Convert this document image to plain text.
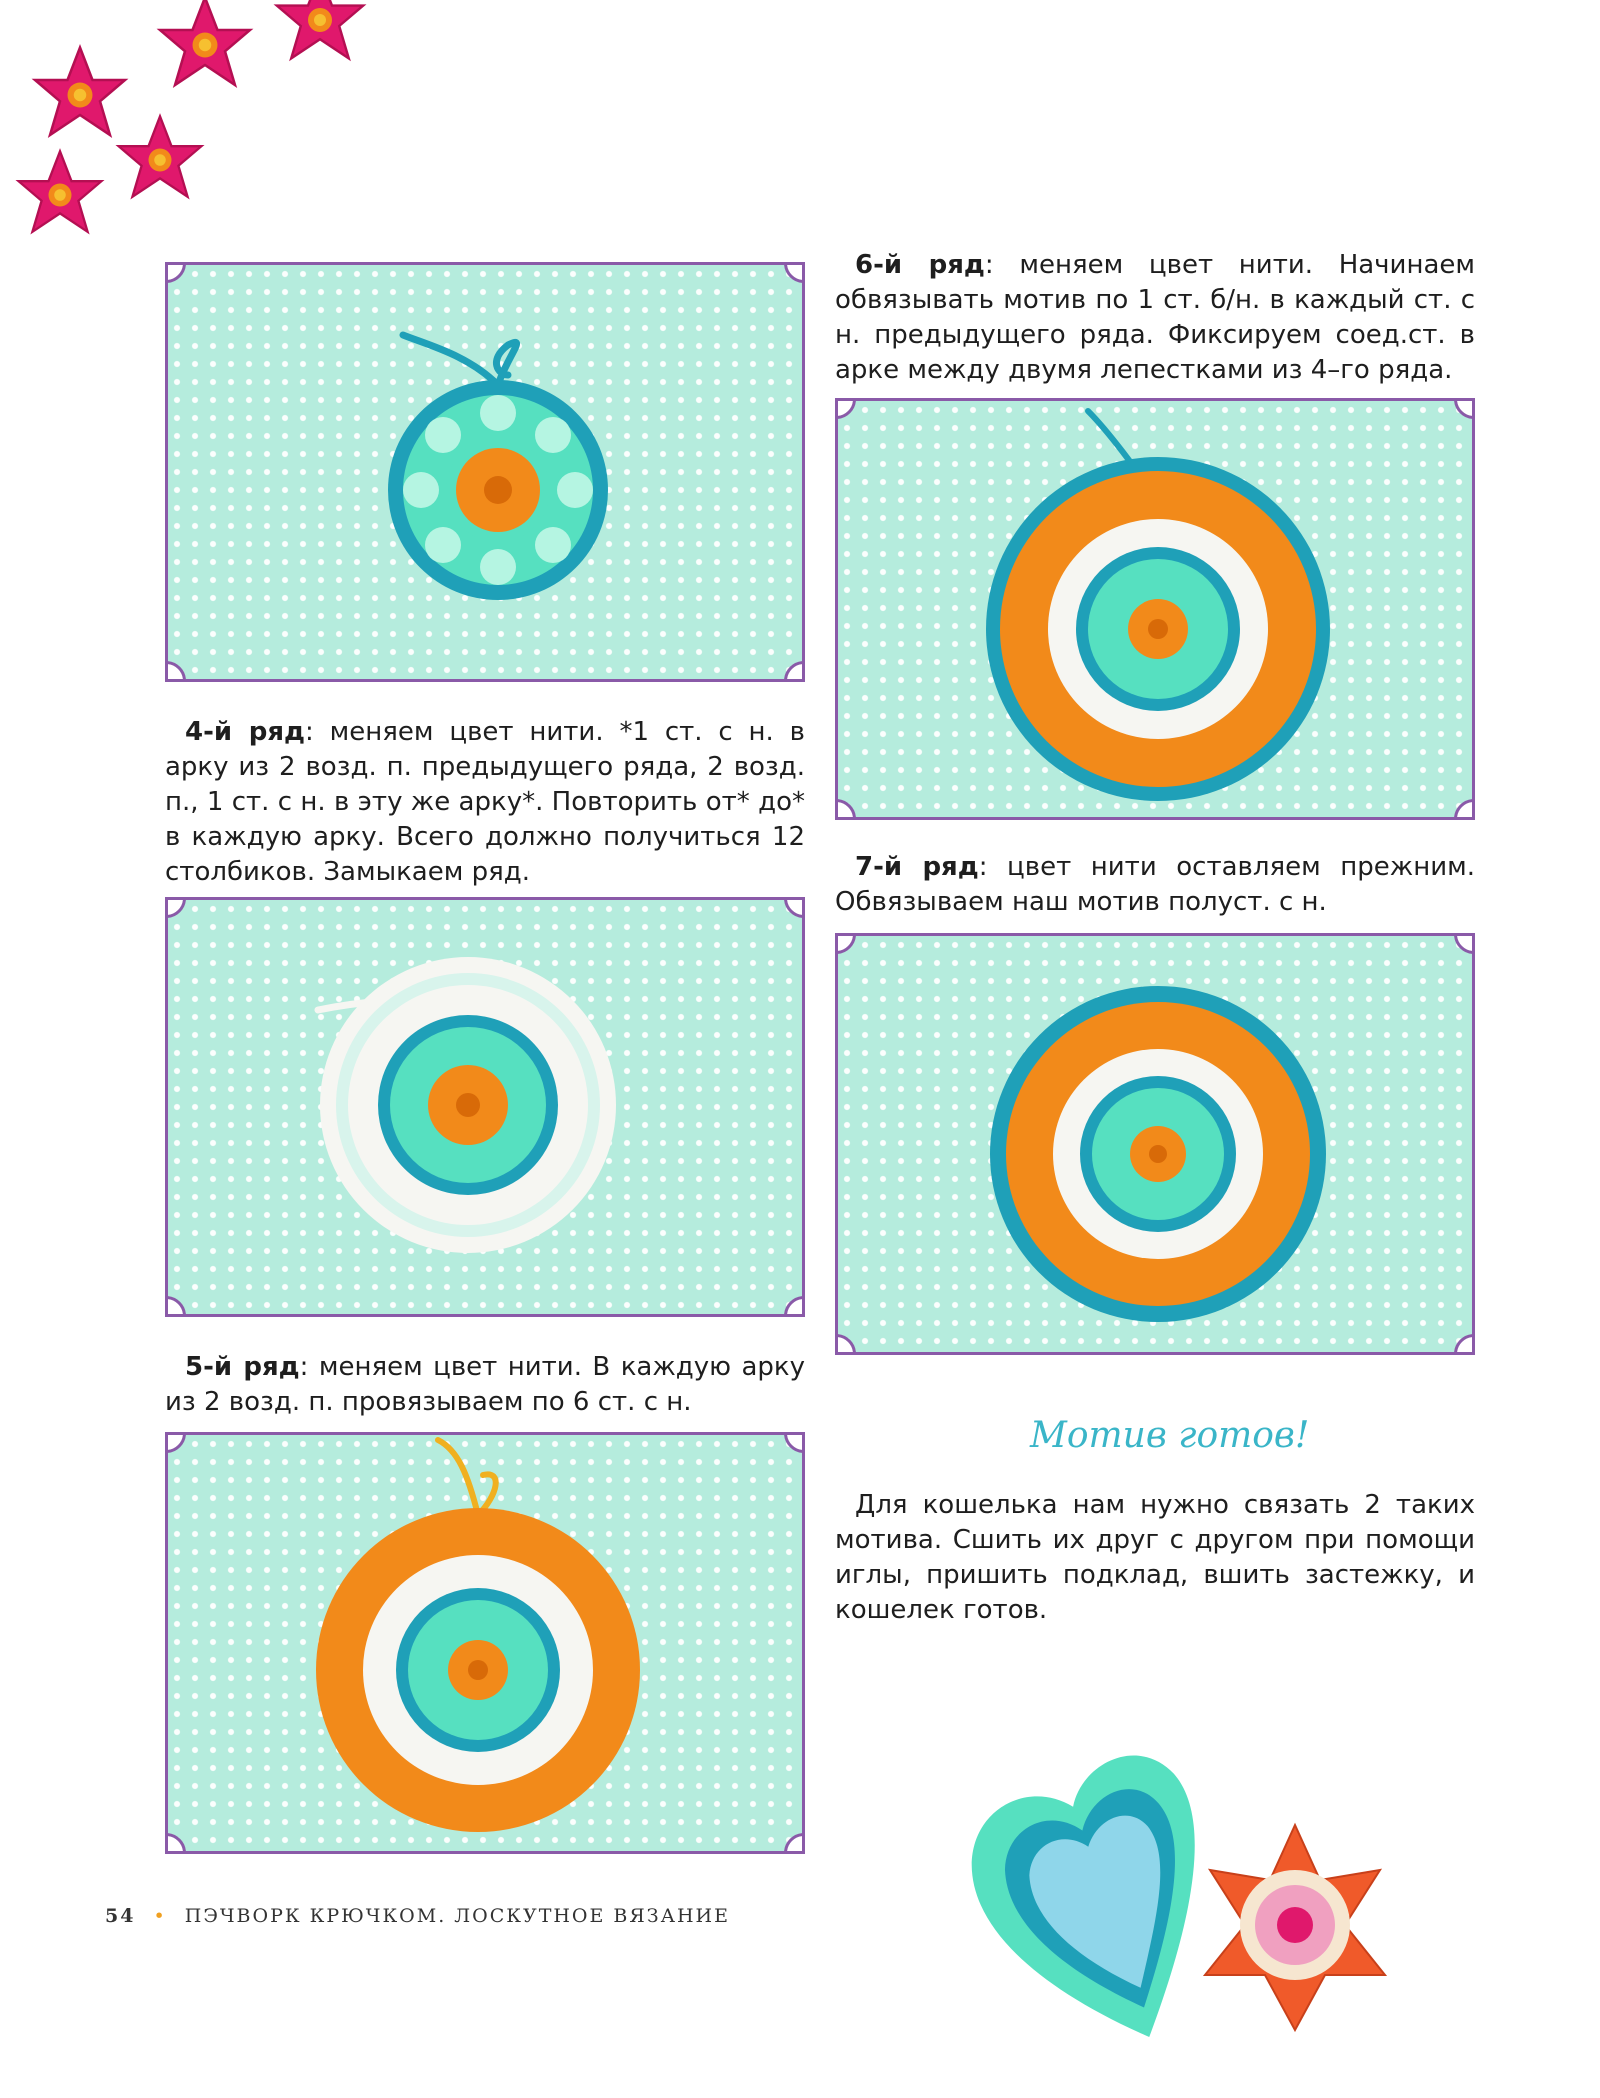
4-й ряд: меняем цвет нити. *1 ст. с н. в арку из 2 возд. п. предыдущего ряда, 2 возд. п., 1 ст. с н. в эту же арку*. Повторить от* до* в каждую арку. Всего должно получиться 12 столбиков. Замыкаем ряд.
5-й ряд: меняем цвет нити. В каждую арку из 2 возд. п. провязываем по 6 ст. с н.
6-й ряд: меняем цвет нити. Начинаем обвязывать мотив по 1 ст. б/н. в каждый ст. с н. предыдущего ряда. Фиксируем соед.ст. в арке между двумя лепестками из 4–го ряда.
7-й ряд: цвет нити оставляем прежним. Обвязываем наш мотив полуст. с н.
Мотив готов!
Для кошелька нам нужно связать 2 таких мотива. Сшить их друг с другом при помощи иглы, пришить подклад, вшить застежку, и кошелек готов.
54 • ПЭЧВОРК КРЮЧКОМ. ЛОСКУТНОЕ ВЯЗАНИЕ
